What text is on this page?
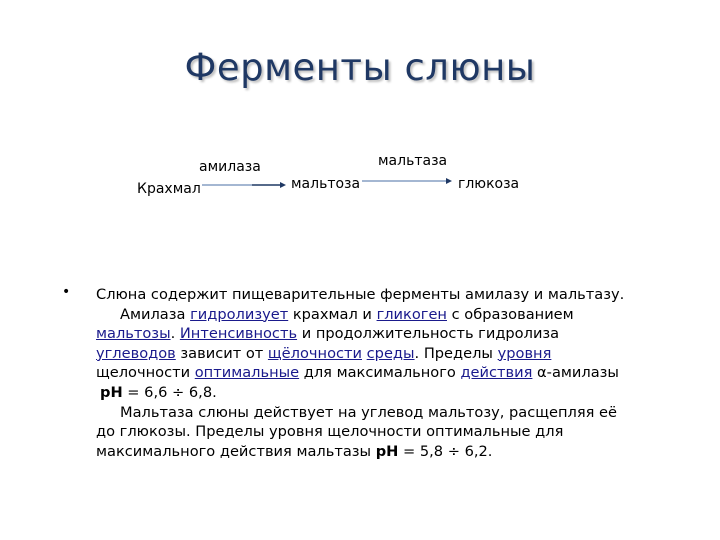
Ферменты слюны
амилаза
Крахмал	мальтоза
мальтаза
глюкоза
• Слюна содержит пищеварительные ферменты амилазу и мальтазу.
Амилаза гидролизует крахмал и гликоген с образованием
мальтозы. Интенсивность и продолжительность гидролиза
углеводов зависит от щёлочности среды. Пределы уровня
щелочности оптимальные для максимального действия α-амилазы
pH = 6,6 ÷ 6,8.
Мальтаза слюны действует на углевод мальтозу, расщепляя её
до глюкозы. Пределы уровня щелочности оптимальные для
максимального действия мальтазы pH = 5,8 ÷ 6,2.
